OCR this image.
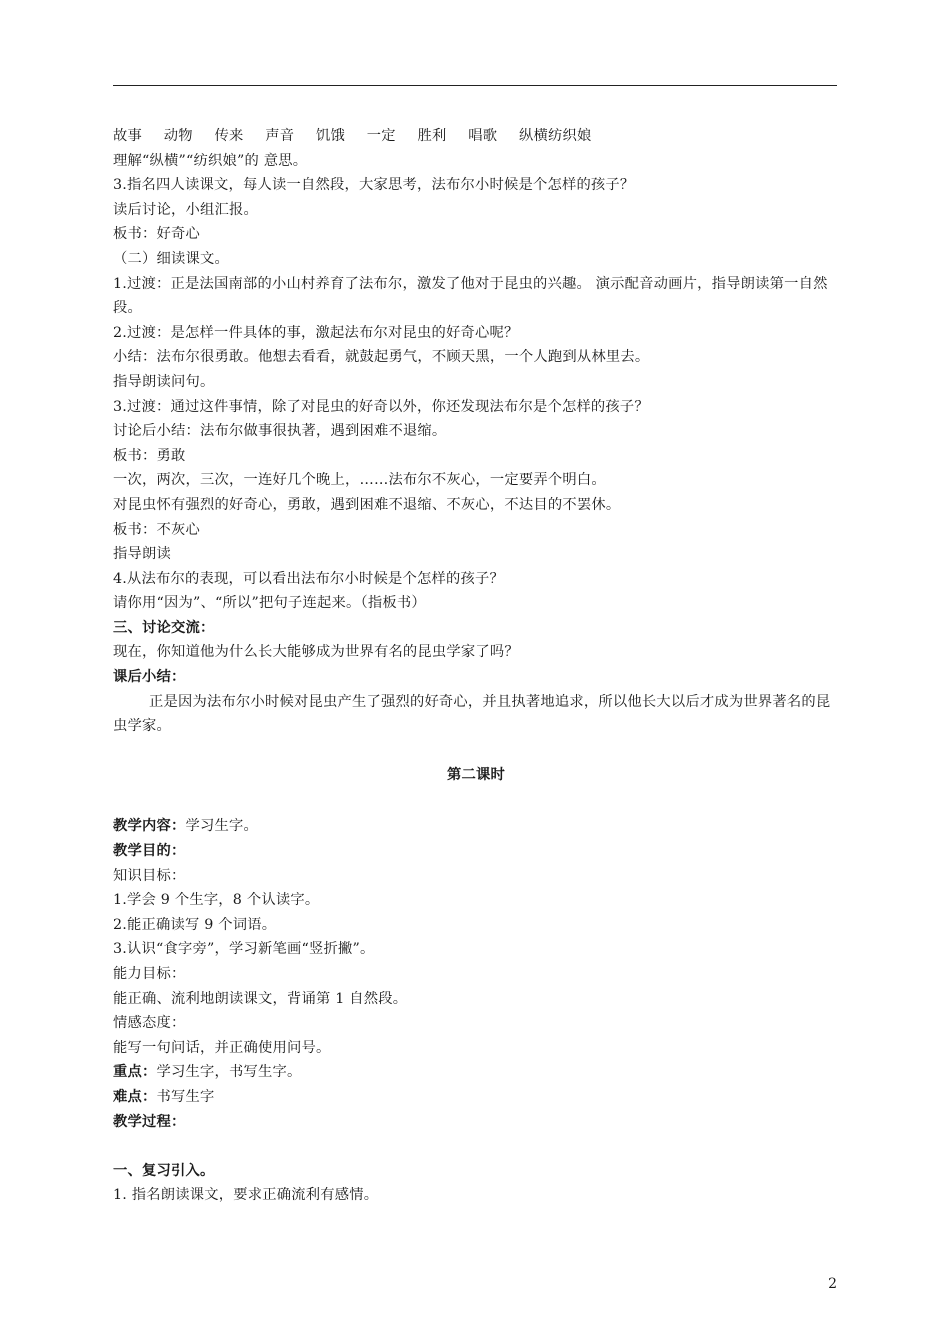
故事 动物 传来 声音 饥饿 一定 胜利 唱歌 纵横纺织娘
理解“纵横”“纺织娘”的 意思。
3.指名四人读课文，每人读一自然段，大家思考，法布尔小时候是个怎样的孩子？
读后讨论，小组汇报。
板书：好奇心
（二）细读课文。
1.过渡：正是法国南部的小山村养育了法布尔，激发了他对于昆虫的兴趣。 演示配音动画片，指导朗读第一自然段。
2.过渡：是怎样一件具体的事，激起法布尔对昆虫的好奇心呢？
小结：法布尔很勇敢。他想去看看，就鼓起勇气，不顾天黑，一个人跑到从林里去。
指导朗读问句。
3.过渡：通过这件事情，除了对昆虫的好奇以外，你还发现法布尔是个怎样的孩子？
讨论后小结：法布尔做事很执著，遇到困难不退缩。
板书：勇敢
一次，两次，三次，一连好几个晚上，……法布尔不灰心，一定要弄个明白。
对昆虫怀有强烈的好奇心，勇敢，遇到困难不退缩、不灰心，不达目的不罢休。
板书：不灰心
指导朗读
4.从法布尔的表现，可以看出法布尔小时候是个怎样的孩子？
请你用“因为”、“所以”把句子连起来。（指板书）
三、讨论交流：
现在，你知道他为什么长大能够成为世界有名的昆虫学家了吗？
课后小结：
正是因为法布尔小时候对昆虫产生了强烈的好奇心，并且执著地追求，所以他长大以后才成为世界著名的昆虫学家。
第二课时
教学内容：学习生字。
教学目的：
知识目标：
1.学会 9 个生字，8 个认读字。
2.能正确读写 9 个词语。
3.认识“食字旁”，学习新笔画“竖折撇”。
能力目标：
能正确、流利地朗读课文，背诵第 1 自然段。
情感态度：
能写一句问话，并正确使用问号。
重点：学习生字，书写生字。
难点：书写生字
教学过程：
一、复习引入。
1. 指名朗读课文，要求正确流利有感情。
2
